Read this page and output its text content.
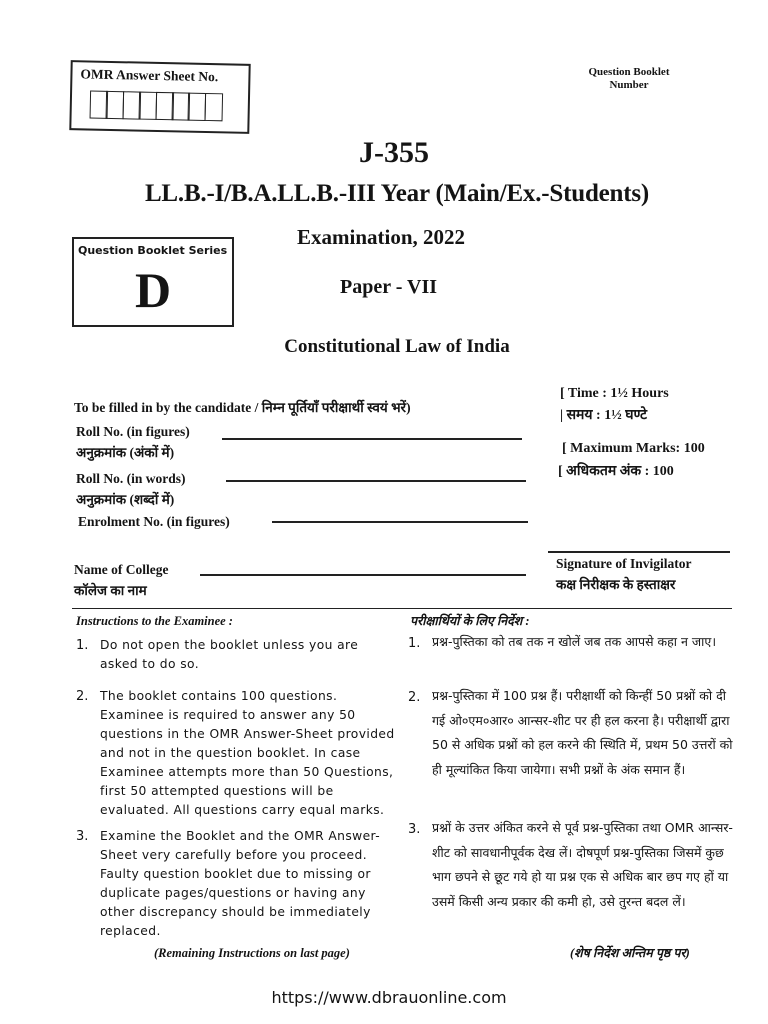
OMR Answer Sheet No.	Question Booklet Number
J-355
LL.B.-I/B.A.LL.B.-III Year (Main/Ex.-Students)
Examination, 2022
Paper - VII
Constitutional Law of India
Question Booklet Series
D
To be filled in by the candidate / निम्न पूर्तियाँ परीक्षार्थी स्वयं भरें)
Roll No. (in figures)
अनुक्रमांक (अंकों में)
Roll No. (in words)
अनुक्रमांक (शब्दों में)
Enrolment No. (in figures)
Name of College
कॉलेज का नाम
[ Time : 1½ Hours
| समय : 1½ घण्टे
[ Maximum Marks: 100
[ अधिकतम अंक : 100
Signature of Invigilator
कक्ष निरीक्षक के हस्ताक्षर
Instructions to the Examinee :
1. Do not open the booklet unless you are asked to do so.
2. The booklet contains 100 questions. Examinee is required to answer any 50 questions in the OMR Answer-Sheet provided and not in the question booklet. In case Examinee attempts more than 50 Questions, first 50 attempted questions will be evaluated. All questions carry equal marks.
3. Examine the Booklet and the OMR Answer-Sheet very carefully before you proceed. Faulty question booklet due to missing or duplicate pages/questions or having any other discrepancy should be immediately replaced.
(Remaining Instructions on last page)
परीक्षार्थियों के लिए निर्देश :
1. प्रश्न-पुस्तिका को तब तक न खोलें जब तक आपसे कहा न जाए।
2. प्रश्न-पुस्तिका में 100 प्रश्न हैं। परीक्षार्थी को किन्हीं 50 प्रश्नों को दी गई ओ०एम०आर० आन्सर-शीट पर ही हल करना है। परीक्षार्थी द्वारा 50 से अधिक प्रश्नों को हल करने की स्थिति में, प्रथम 50 उत्तरों को ही मूल्यांकित किया जायेगा। सभी प्रश्नों के अंक समान हैं।
3. प्रश्नों के उत्तर अंकित करने से पूर्व प्रश्न-पुस्तिका तथा OMR आन्सर-शीट को सावधानीपूर्वक देख लें। दोषपूर्ण प्रश्न-पुस्तिका जिसमें कुछ भाग छपने से छूट गये हो या प्रश्न एक से अधिक बार छप गए हों या उसमें किसी अन्य प्रकार की कमी हो, उसे तुरन्त बदल लें।
(शेष निर्देश अन्तिम पृष्ठ पर)
https://www.dbrauonline.com
